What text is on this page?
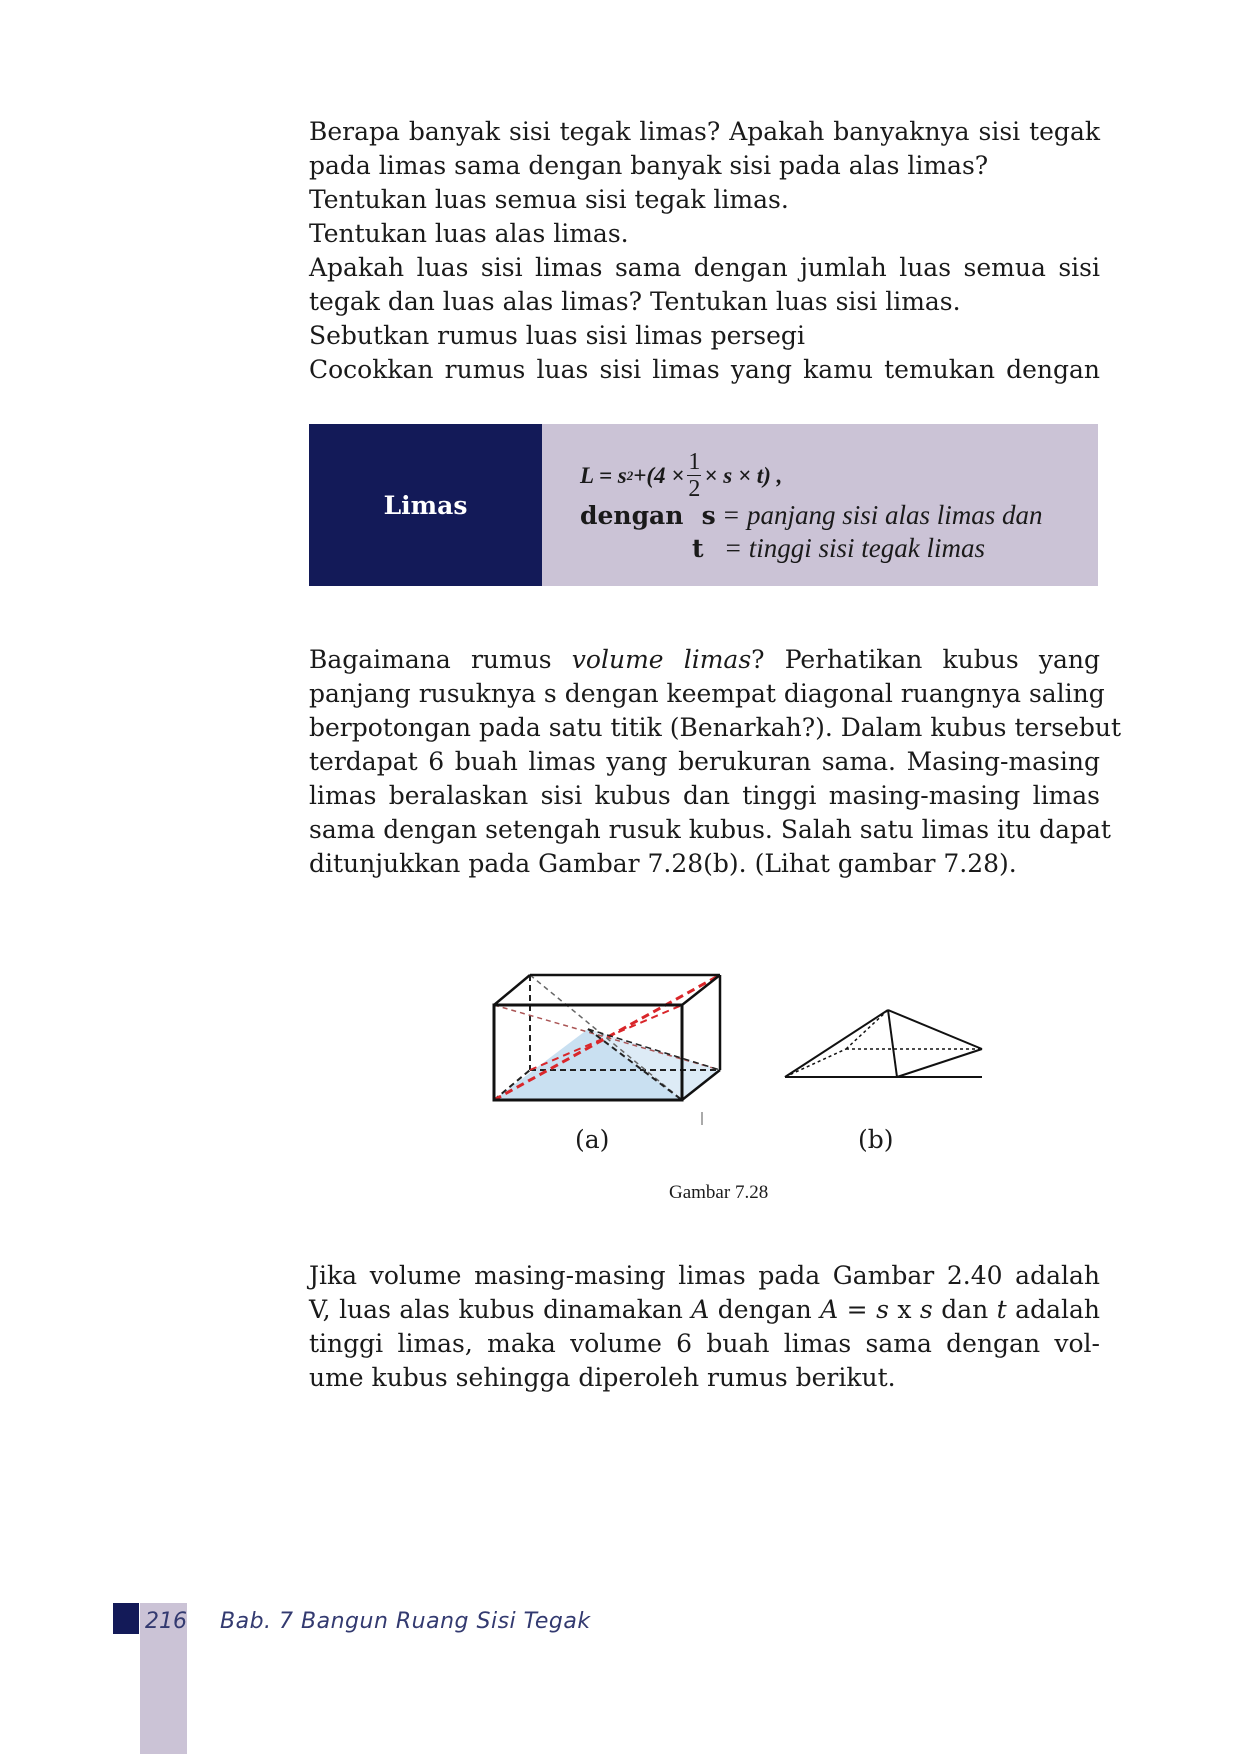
Berapa banyak sisi tegak limas? Apakah banyaknya sisi tegak
pada limas sama dengan banyak sisi pada alas limas?
Tentukan luas semua sisi tegak limas.
Tentukan luas alas limas.
Apakah luas sisi limas sama dengan jumlah luas semua sisi
tegak dan luas alas limas? Tentukan luas sisi limas.
Sebutkan rumus luas sisi limas persegi
Cocokkan rumus luas sisi limas yang kamu temukan dengan
Limas
L = s $2 +(4 \times \frac{1}{2} \times s \times t)$ ,
dengan s = panjang sisi alas limas dan
t = tinggi sisi tegak limas
Bagaimana rumus volume limas? Perhatikan kubus yang
panjang rusuknya s dengan keempat diagonal ruangnya saling
berpotongan pada satu titik (Benarkah?). Dalam kubus tersebut
terdapat 6 buah limas yang berukuran sama. Masing-masing
limas beralaskan sisi kubus dan tinggi masing-masing limas
sama dengan setengah rusuk kubus. Salah satu limas itu dapat
ditunjukkan pada Gambar 7.28(b). (Lihat gambar 7.28).
(a)	(b)
Gambar 7.28
Jika volume masing-masing limas pada Gambar 2.40 adalah
V, luas alas kubus dinamakan A dengan A = s x s dan t adalah
tinggi limas, maka volume 6 buah limas sama dengan vol-
ume kubus sehingga diperoleh rumus berikut.
216 Bab. 7 Bangun Ruang Sisi Tegak
